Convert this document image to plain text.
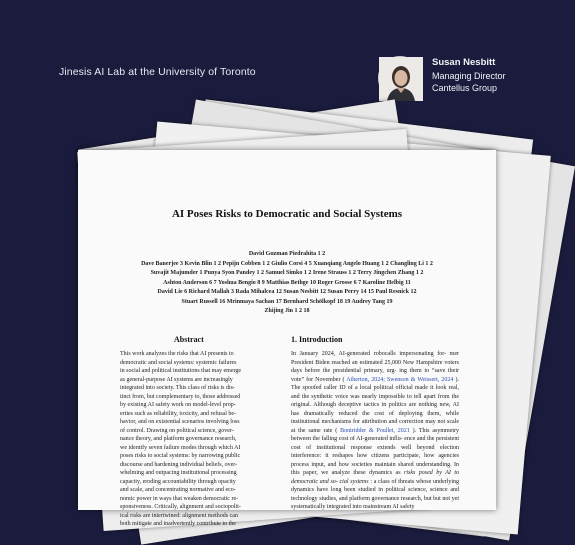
Jinesis AI Lab at the University of Toronto
Susan Nesbitt
Managing Director
Cantellus Group
AI Poses Risks to Democratic and Social Systems
David Guzman Piedrahita 1 2
Dave Banerjee 3 Kevin Blin 1 2 Pepijn Cobben 1 2 Giulio Corsi 4 5 Xuanqiang Angelo Huang 1 2 Changling Li 1 2
Suvajit Majumder 1 Punya Syon Pandey 1 2 Samuel Simko 1 2 Irene Strauss 1 2 Terry Jingchen Zhang 1 2
Ashton Anderson 6 7 Yoshua Bengio 8 9 Matthias Bethge 10 Roger Grosse 6 7 Karoline Helbig 11
David Lie 6 Richard Mallah 3 Rada Mihalcea 12 Susan Nesbitt 12 Susan Perry 14 15 Paul Resnick 12
Stuart Russell 16 Mrinmaya Sachan 17 Bernhard Schölkopf 18 19 Audrey Tang 19
Zhijing Jin 1 2 18
Abstract	1. Introduction
This work analyzes the risks that AI presents to
democratic and social systems: systemic failures
in social and political institutions that may emerge
as general-purpose AI systems are increasingly
integrated into society. This class of risks is dis-
tinct from, but complementary to, those addressed
by existing AI safety work on model-level prop-
erties such as reliability, toxicity, and refusal be-
havior, and on existential scenarios involving loss
of control. Drawing on political science, gover-
nance theory, and platform governance research,
we identify seven failure modes through which AI
poses risks to social systems: by narrowing public
discourse and hardening individual beliefs, over-
whelming and outpacing institutional processing
capacity, eroding accountability through opacity
and scale, and concentrating normative and eco-
nomic power in ways that weaken democratic re-
sponsiveness. Critically, alignment and sociopolit-
ical risks are intertwined: alignment methods can
both mitigate and inadvertently contribute to the
In January 2024, AI-generated robocalls impersonating for- mer President Biden reached an estimated 25,000 New Hampshire voters days before the presidential primary, urg- ing them to “save their vote” for November ( Atherton, 2024; Swenson & Weissert, 2024 ). The spoofed caller ID of a local political official made it look real, and the synthetic voice was nearly impossible to tell apart from the original. Although deceptive tactics in politics are nothing new, AI has dramatically reduced the cost of deploying them, while institutional mechanisms for attribution and correction may not scale at the same rate ( Bontridder & Poullet, 2021 ). This asymmetry between the falling cost of AI-generated influ- ence and the persistent cost of institutional response extends well beyond election interference: it reshapes how citizens participate, how agencies process input, and how societies maintain shared understanding. In this paper, we analyze these dynamics as risks posed by AI to democratic and so- cial systems : a class of threats whose underlying dynamics have long been studied in political science, science and technology studies, and platform governance research, but but not yet systematically integrated into mainstream AI safety
